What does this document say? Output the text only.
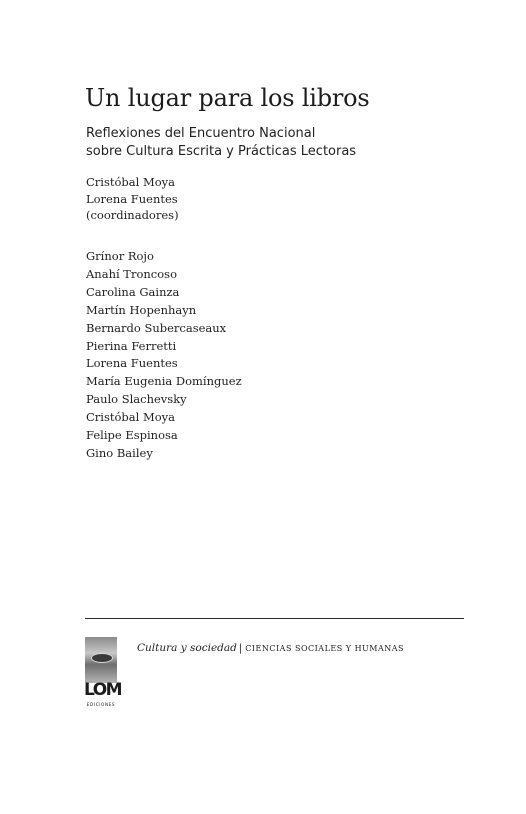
Un lugar para los libros
Reflexiones del Encuentro Nacional
sobre Cultura Escrita y Prácticas Lectoras
Cristóbal Moya
Lorena Fuentes
(coordinadores)
Grínor Rojo
Anahí Troncoso
Carolina Gainza
Martín Hopenhayn
Bernardo Subercaseaux
Pierina Ferretti
Lorena Fuentes
María Eugenia Domínguez
Paulo Slachevsky
Cristóbal Moya
Felipe Espinosa
Gino Bailey
LOM
EDICIONES
Cultura y sociedad | CIENCIAS SOCIALES Y HUMANAS
